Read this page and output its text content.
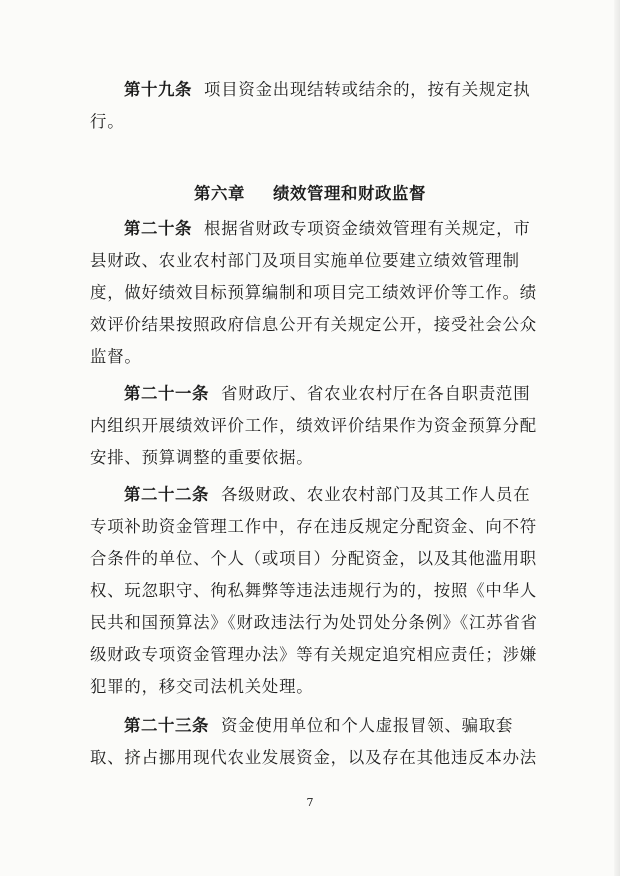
第十九条 项目资金出现结转或结余的，按有关规定执
行。
第六章 绩效管理和财政监督
第二十条 根据省财政专项资金绩效管理有关规定，市
县财政、农业农村部门及项目实施单位要建立绩效管理制
度，做好绩效目标预算编制和项目完工绩效评价等工作。绩
效评价结果按照政府信息公开有关规定公开，接受社会公众
监督。
第二十一条 省财政厅、省农业农村厅在各自职责范围
内组织开展绩效评价工作，绩效评价结果作为资金预算分配
安排、预算调整的重要依据。
第二十二条 各级财政、农业农村部门及其工作人员在
专项补助资金管理工作中，存在违反规定分配资金、向不符
合条件的单位、个人（或项目）分配资金，以及其他滥用职
权、玩忽职守、徇私舞弊等违法违规行为的，按照《中华人
民共和国预算法》《财政违法行为处罚处分条例》《江苏省省
级财政专项资金管理办法》等有关规定追究相应责任；涉嫌
犯罪的，移交司法机关处理。
第二十三条 资金使用单位和个人虚报冒领、骗取套
取、挤占挪用现代农业发展资金，以及存在其他违反本办法
7
